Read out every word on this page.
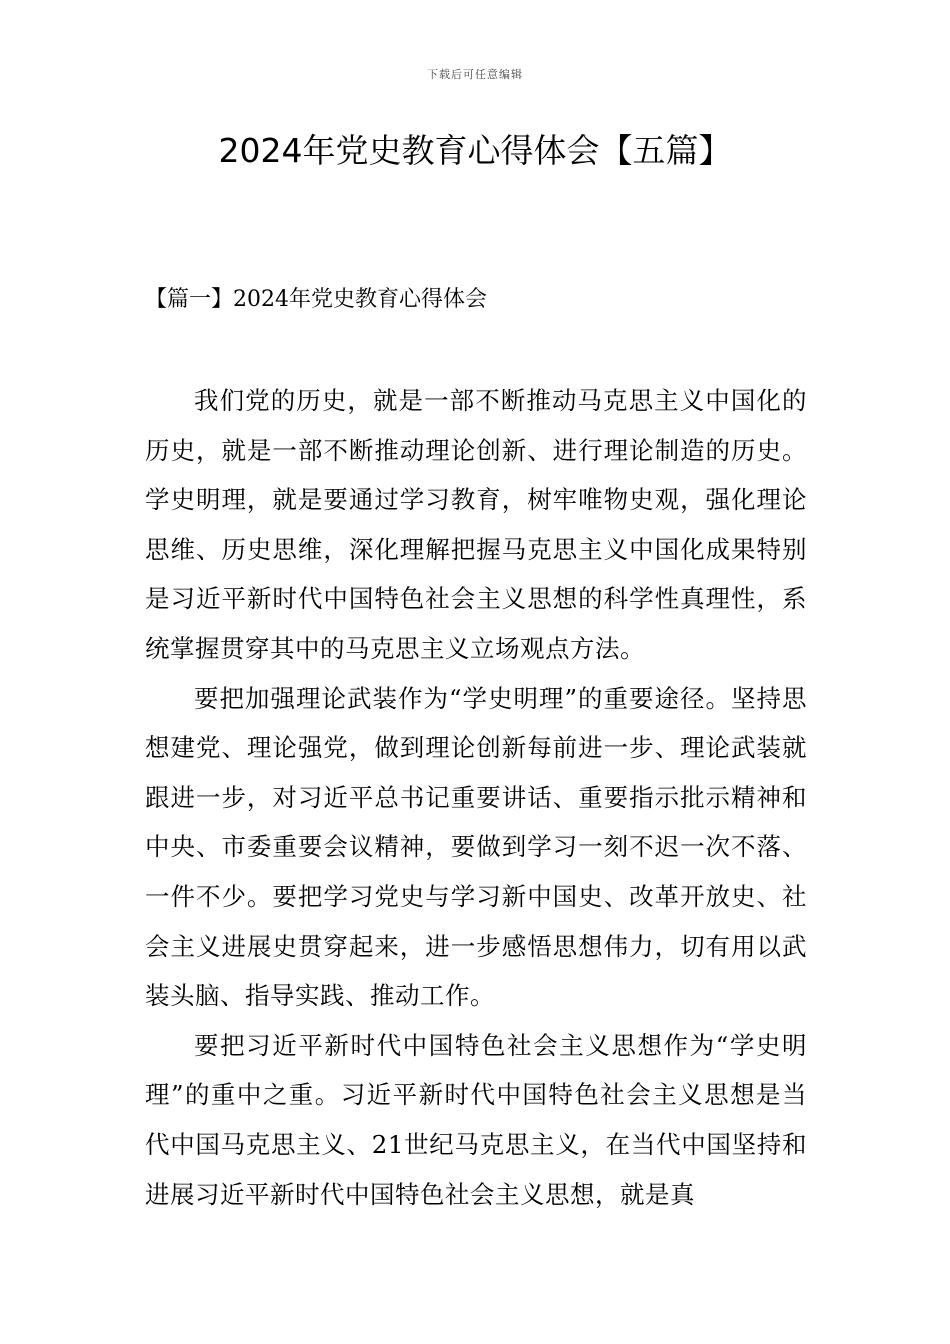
下载后可任意编辑
2024年党史教育心得体会【五篇】
【篇一】2024年党史教育心得体会

我们党的历史，就是一部不断推动马克思主义中国化的历史，就是一部不断推动理论创新、进行理论制造的历史。学史明理，就是要通过学习教育，树牢唯物史观，强化理论思维、历史思维，深化理解把握马克思主义中国化成果特别是习近平新时代中国特色社会主义思想的科学性真理性，系统掌握贯穿其中的马克思主义立场观点方法。

要把加强理论武装作为“学史明理”的重要途径。坚持思想建党、理论强党，做到理论创新每前进一步、理论武装就跟进一步，对习近平总书记重要讲话、重要指示批示精神和中央、市委重要会议精神，要做到学习一刻不迟一次不落、一件不少。要把学习党史与学习新中国史、改革开放史、社会主义进展史贯穿起来，进一步感悟思想伟力，切有用以武装头脑、指导实践、推动工作。

要把习近平新时代中国特色社会主义思想作为“学史明理”的重中之重。习近平新时代中国特色社会主义思想是当代中国马克思主义、21世纪马克思主义，在当代中国坚持和进展习近平新时代中国特色社会主义思想，就是真
